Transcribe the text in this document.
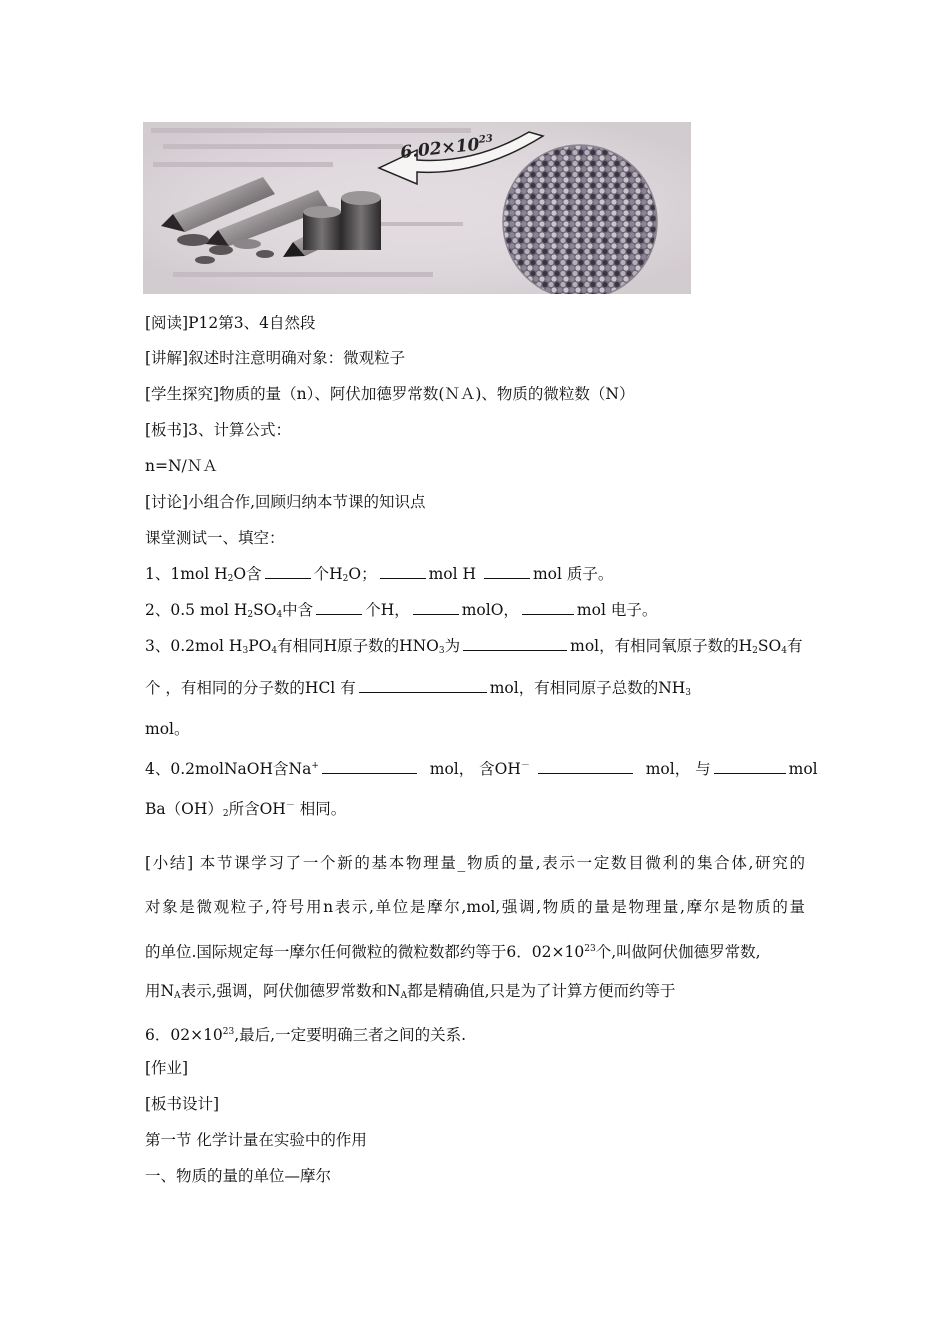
$6.02\times 10^{23}$
[阅读]P12第3、4自然段
[讲解]叙述时注意明确对象：微观粒子
[学生探究]物质的量（n）、阿伏加德罗常数(ＮＡ)、物质的微粒数（N）
[板书]3、计算公式：
n=N/ＮＡ
[讨论]小组合作,回顾归纳本节课的知识点
课堂测试一、填空：
1、1mol $H_2O$含	个$H_2O$；	mol H	mol 质子。
2、0.5 mol $H_2SO_4$中含	个H，	molO，	mol 电子。
3、0.2mol $H_3PO_4$有相同H原子数的$HNO_3$为	mol，有相同氧原子数的$H_2SO_4$有
个 ，有相同的分子数的HCl 有	mol，有相同原子总数的$NH_3$
mol。
4、0.2molNaOH含Na+	mol， 含OH－	mol， 与	mol
$Ba(OH)_2$所含OH－ 相同。
[小结] 本节课学习了一个新的基本物理量_物质的量,表示一定数目微利的集合体,研究的
对象是微观粒子,符号用n表示,单位是摩尔,mol,强调,物质的量是物理量,摩尔是物质的量
的单位.国际规定每一摩尔任何微粒的微粒数都约等于6．$02\times 10^{23}$个,叫做阿伏伽德罗常数,
用$N_A$表示,强调，阿伏伽德罗常数和$N_A$都是精确值,只是为了计算方便而约等于
6．$02\times 10^{23}$,最后,一定要明确三者之间的关系.
[作业]
[板书设计]
第一节 化学计量在实验中的作用
一、物质的量的单位—摩尔
